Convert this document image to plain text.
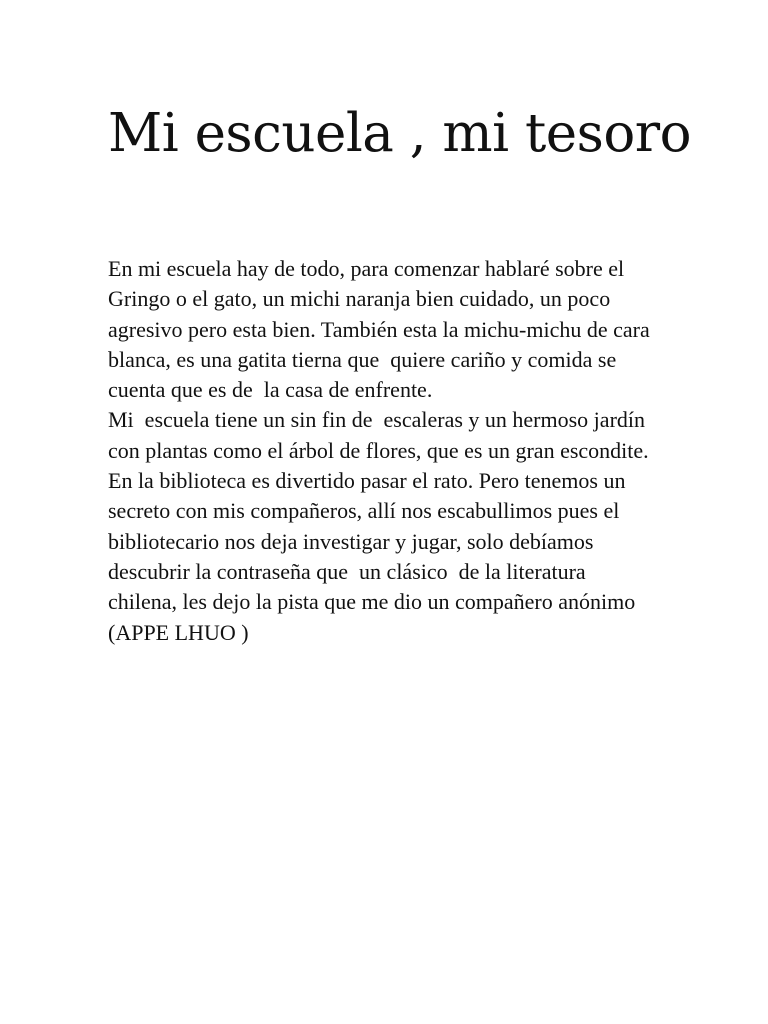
Mi escuela , mi tesoro
En mi escuela hay de todo, para comenzar hablaré sobre el
Gringo o el gato, un michi naranja bien cuidado, un poco
agresivo pero esta bien. También esta la michu-michu de cara
blanca, es una gatita tierna que  quiere cariño y comida se
cuenta que es de  la casa de enfrente.
Mi  escuela tiene un sin fin de  escaleras y un hermoso jardín
con plantas como el árbol de flores, que es un gran escondite.
En la biblioteca es divertido pasar el rato. Pero tenemos un
secreto con mis compañeros, allí nos escabullimos pues el
bibliotecario nos deja investigar y jugar, solo debíamos
descubrir la contraseña que  un clásico  de la literatura
chilena, les dejo la pista que me dio un compañero anónimo
(APPE LHUO )
